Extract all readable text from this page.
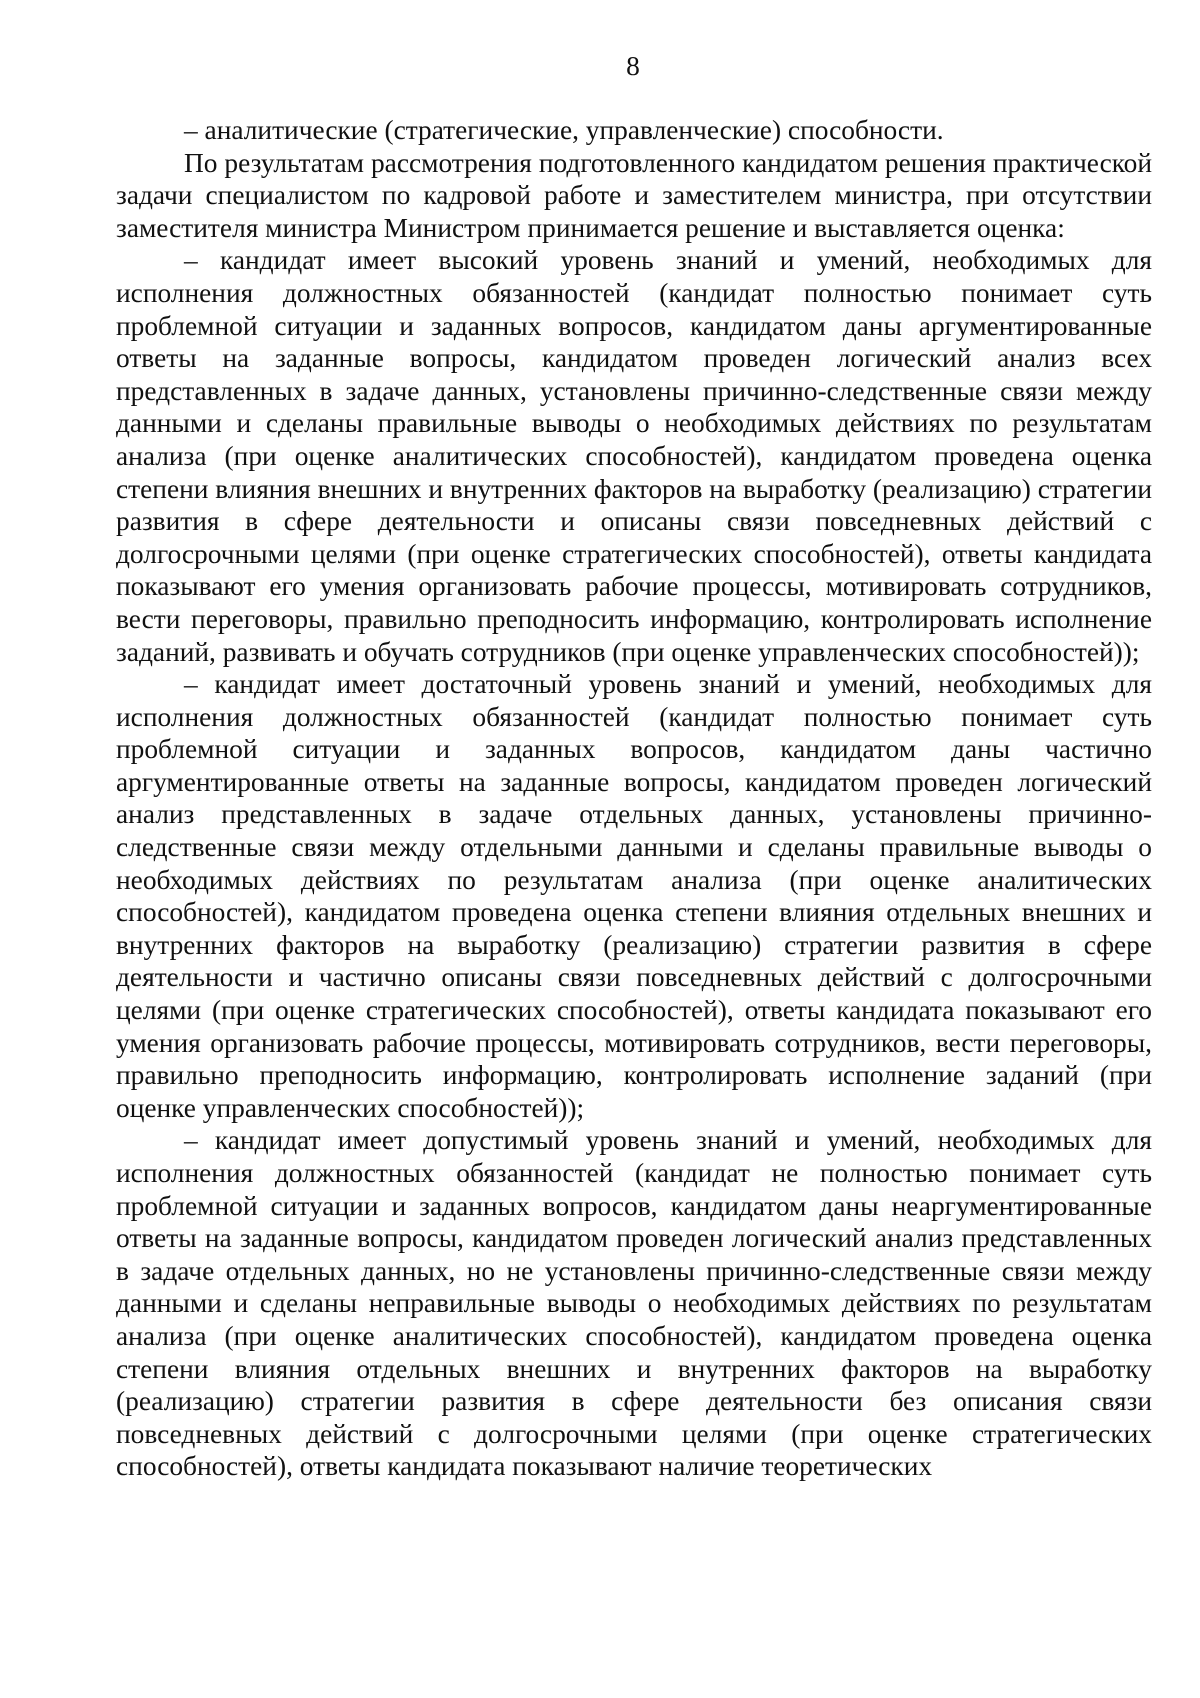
8

– аналитические (стратегические, управленческие) способности.

По результатам рассмотрения подготовленного кандидатом решения практической задачи специалистом по кадровой работе и заместителем министра, при отсутствии заместителя министра Министром принимается решение и выставляется оценка:

– кандидат имеет высокий уровень знаний и умений, необходимых для исполнения должностных обязанностей (кандидат полностью понимает суть проблемной ситуации и заданных вопросов, кандидатом даны аргументированные ответы на заданные вопросы, кандидатом проведен логический анализ всех представленных в задаче данных, установлены причинно-следственные связи между данными и сделаны правильные выводы о необходимых действиях по результатам анализа (при оценке аналитических способностей), кандидатом проведена оценка степени влияния внешних и внутренних факторов на выработку (реализацию) стратегии развития в сфере деятельности и описаны связи повседневных действий с долгосрочными целями (при оценке стратегических способностей), ответы кандидата показывают его умения организовать рабочие процессы, мотивировать сотрудников, вести переговоры, правильно преподносить информацию, контролировать исполнение заданий, развивать и обучать сотрудников (при оценке управленческих способностей));

– кандидат имеет достаточный уровень знаний и умений, необходимых для исполнения должностных обязанностей (кандидат полностью понимает суть проблемной ситуации и заданных вопросов, кандидатом даны частично аргументированные ответы на заданные вопросы, кандидатом проведен логический анализ представленных в задаче отдельных данных, установлены причинно-следственные связи между отдельными данными и сделаны правильные выводы о необходимых действиях по результатам анализа (при оценке аналитических способностей), кандидатом проведена оценка степени влияния отдельных внешних и внутренних факторов на выработку (реализацию) стратегии развития в сфере деятельности и частично описаны связи повседневных действий с долгосрочными целями (при оценке стратегических способностей), ответы кандидата показывают его умения организовать рабочие процессы, мотивировать сотрудников, вести переговоры, правильно преподносить информацию, контролировать исполнение заданий (при оценке управленческих способностей));

– кандидат имеет допустимый уровень знаний и умений, необходимых для исполнения должностных обязанностей (кандидат не полностью понимает суть проблемной ситуации и заданных вопросов, кандидатом даны неаргументированные ответы на заданные вопросы, кандидатом проведен логический анализ представленных в задаче отдельных данных, но не установлены причинно-следственные связи между данными и сделаны неправильные выводы о необходимых действиях по результатам анализа (при оценке аналитических способностей), кандидатом проведена оценка степени влияния отдельных внешних и внутренних факторов на выработку (реализацию) стратегии развития в сфере деятельности без описания связи повседневных действий с долгосрочными целями (при оценке стратегических способностей), ответы кандидата показывают наличие теоретических
